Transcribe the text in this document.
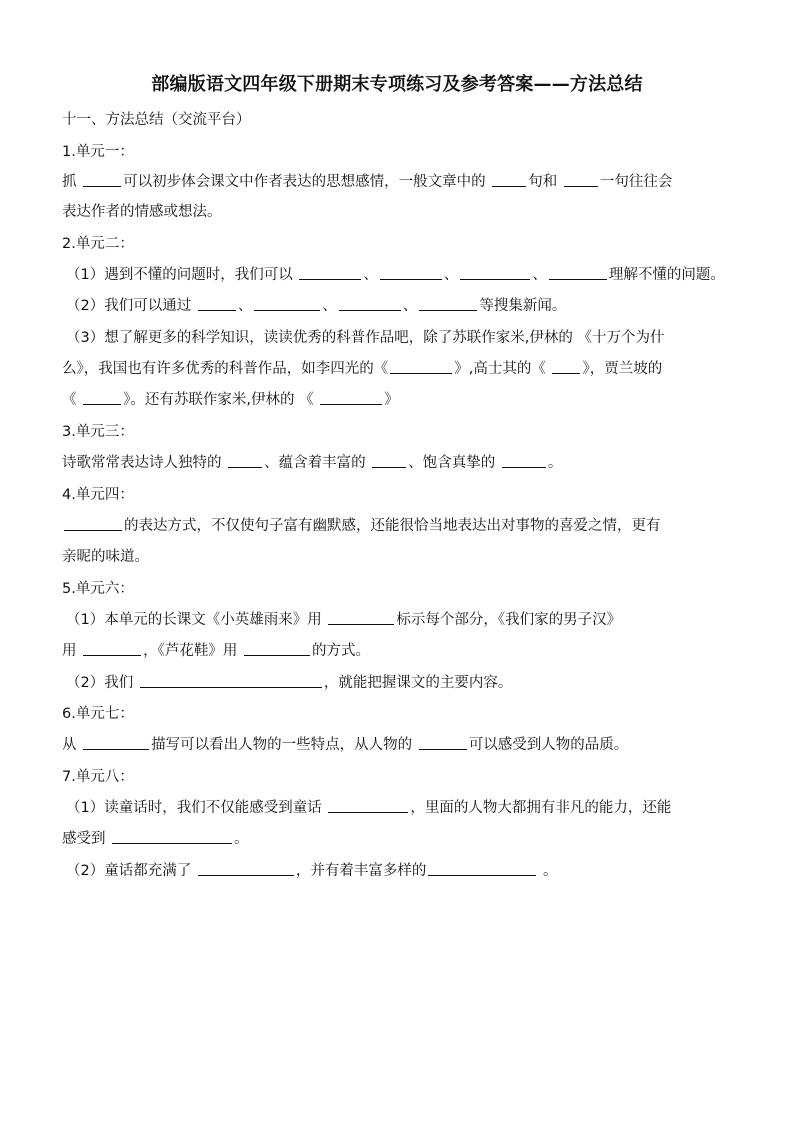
部编版语文四年级下册期末专项练习及参考答案——方法总结
十一、方法总结（交流平台）
1.单元一：
抓	可以初步体会课文中作者表达的思想感情，一般文章中的	句和	一句往往会
表达作者的情感或想法。
2.单元二：
（1）遇到不懂的问题时，我们可以	、	、	、	理解不懂的问题。
（2）我们可以通过	、	、	、	等搜集新闻。
（3）想了解更多的科学知识，读读优秀的科普作品吧，除了苏联作家米,伊林的 《十万个为什
么》，我国也有许多优秀的科普作品，如李四光的《	》,高士其的《	》，贾兰坡的
《	》。还有苏联作家米,伊林的 《	》
3.单元三：
诗歌常常表达诗人独特的	、蕴含着丰富的	、饱含真挚的	。
4.单元四：
的表达方式，不仅使句子富有幽默感，还能很恰当地表达出对事物的喜爱之情，更有
亲昵的味道。
5.单元六：
（1）本单元的长课文《小英雄雨来》用	标示每个部分，《我们家的男子汉》
用	，《芦花鞋》用	的方式。
（2）我们	，就能把握课文的主要内容。
6.单元七：
从	描写可以看出人物的一些特点，从人物的	可以感受到人物的品质。
7.单元八：
（1）读童话时，我们不仅能感受到童话	，里面的人物大都拥有非凡的能力，还能
感受到	。
（2）童话都充满了	，并有着丰富多样的	。
